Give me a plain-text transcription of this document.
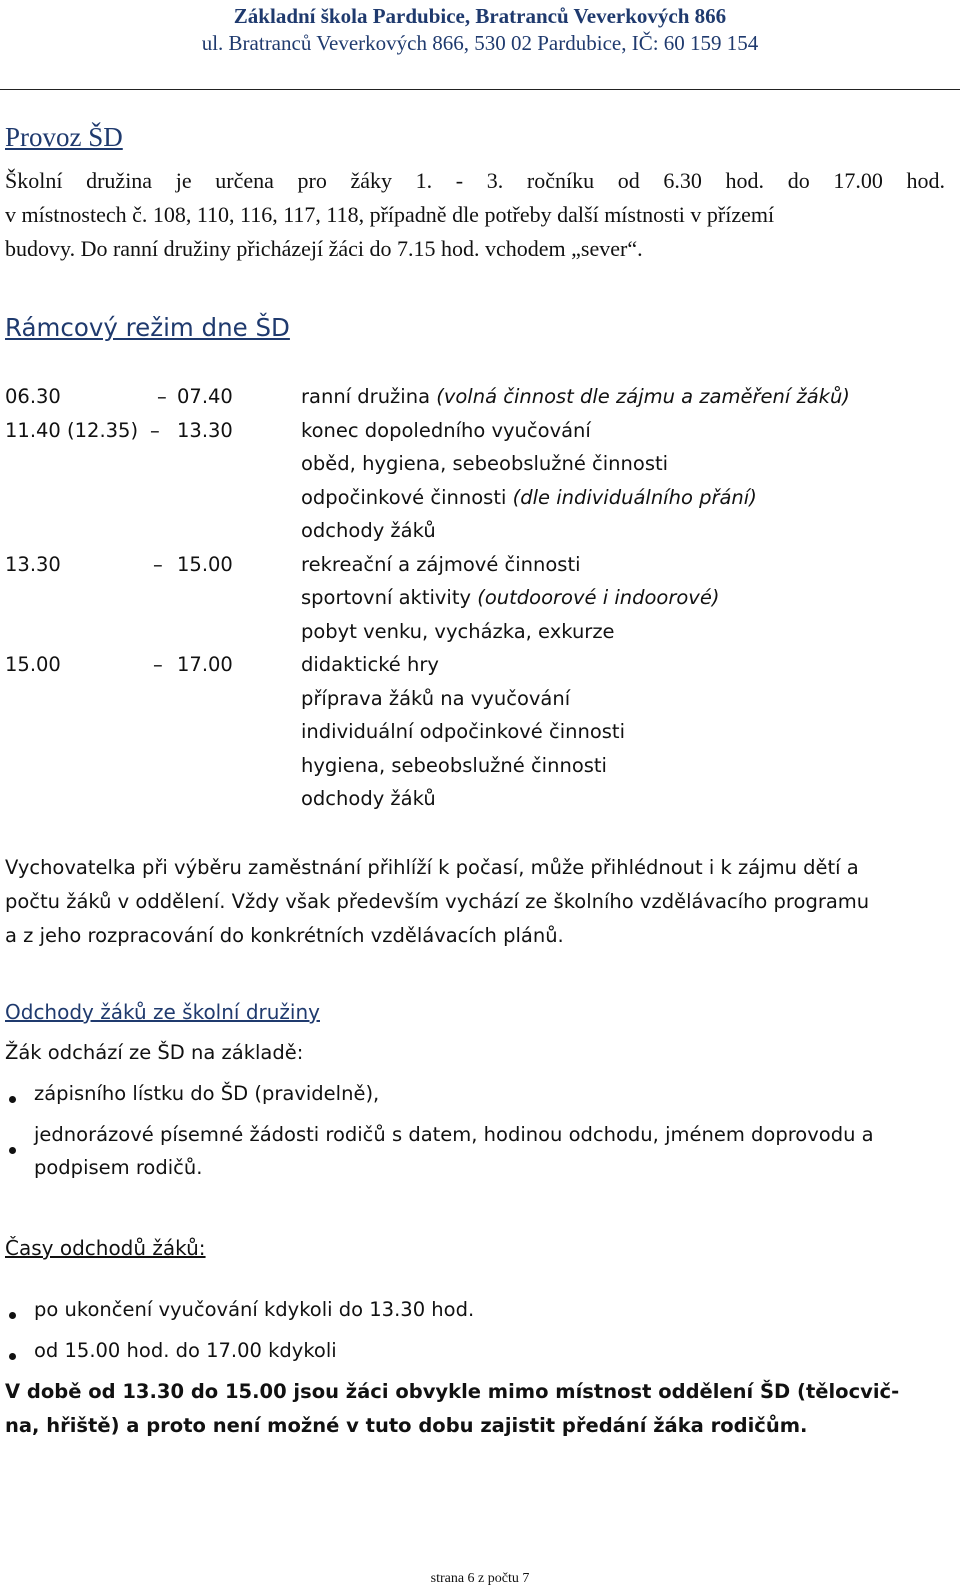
Základní škola Pardubice, Bratranců Veverkových 866
ul. Bratranců Veverkových 866, 530 02 Pardubice, IČ: 60 159 154
Provoz ŠD
Školní družina je určena pro žáky 1. - 3. ročníku od 6.30 hod. do 17.00 hod.
v místnostech č. 108, 110, 116, 117, 118, případně dle potřeby další místnosti v přízemí
budovy. Do ranní družiny přicházejí žáci do 7.15 hod. vchodem „sever“.
Rámcový režim dne ŠD
06.30	– 07.40	ranní družina (volná činnost dle zájmu a zaměření žáků)
11.40 (12.35) – 13.30	konec dopoledního vyučování
oběd, hygiena, sebeobslužné činnosti
odpočinkové činnosti (dle individuálního přání)
odchody žáků
13.30	– 15.00	rekreační a zájmové činnosti
sportovní aktivity (outdoorové i indoorové)
pobyt venku, vycházka, exkurze
15.00	– 17.00	didaktické hry
příprava žáků na vyučování
individuální odpočinkové činnosti
hygiena, sebeobslužné činnosti
odchody žáků
Vychovatelka při výběru zaměstnání přihlíží k počasí, může přihlédnout i k zájmu dětí a
počtu žáků v oddělení. Vždy však především vychází ze školního vzdělávacího programu
a z jeho rozpracování do konkrétních vzdělávacích plánů.
Odchody žáků ze školní družiny
Žák odchází ze ŠD na základě:
zápisního lístku do ŠD (pravidelně),
jednorázové písemné žádosti rodičů s datem, hodinou odchodu, jménem doprovodu a
podpisem rodičů.
Časy odchodů žáků:
po ukončení vyučování kdykoli do 13.30 hod.
od 15.00 hod. do 17.00 kdykoli
V době od 13.30 do 15.00 jsou žáci obvykle mimo místnost oddělení ŠD (tělocvič-
na, hřiště) a proto není možné v tuto dobu zajistit předání žáka rodičům.
strana 6 z počtu 7
